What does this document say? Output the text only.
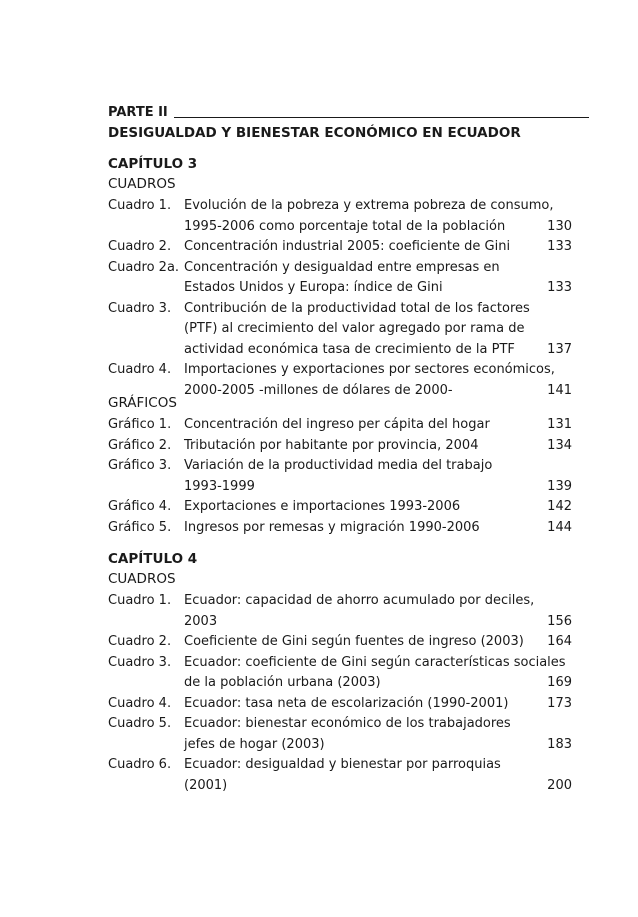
PARTE II
DESIGUALDAD Y BIENESTAR ECONÓMICO EN ECUADOR
CAPÍTULO 3
CUADROS
Cuadro 1. Evolución de la pobreza y extrema pobreza de consumo,
1995-2006 como porcentaje total de la población	130
Cuadro 2. Concentración industrial 2005: coeficiente de Gini	133
Cuadro 2a. Concentración y desigualdad entre empresas en
Estados Unidos y Europa: índice de Gini	133
Cuadro 3. Contribución de la productividad total de los factores
(PTF) al crecimiento del valor agregado por rama de
actividad económica tasa de crecimiento de la PTF	137
Cuadro 4. Importaciones y exportaciones por sectores económicos,
2000-2005 -millones de dólares de 2000-	141
GRÁFICOS
Gráfico 1. Concentración del ingreso per cápita del hogar	131
Gráfico 2. Tributación por habitante por provincia, 2004	134
Gráfico 3. Variación de la productividad media del trabajo
1993-1999	139
Gráfico 4. Exportaciones e importaciones 1993-2006	142
Gráfico 5. Ingresos por remesas y migración 1990-2006	144
CAPÍTULO 4
CUADROS
Cuadro 1. Ecuador: capacidad de ahorro acumulado por deciles,
2003	156
Cuadro 2. Coeficiente de Gini según fuentes de ingreso (2003) 164
Cuadro 3. Ecuador: coeficiente de Gini según características sociales
de la población urbana (2003)	169
Cuadro 4. Ecuador: tasa neta de escolarización (1990-2001)	173
Cuadro 5. Ecuador: bienestar económico de los trabajadores
jefes de hogar (2003)	183
Cuadro 6. Ecuador: desigualdad y bienestar por parroquias
(2001)	200
